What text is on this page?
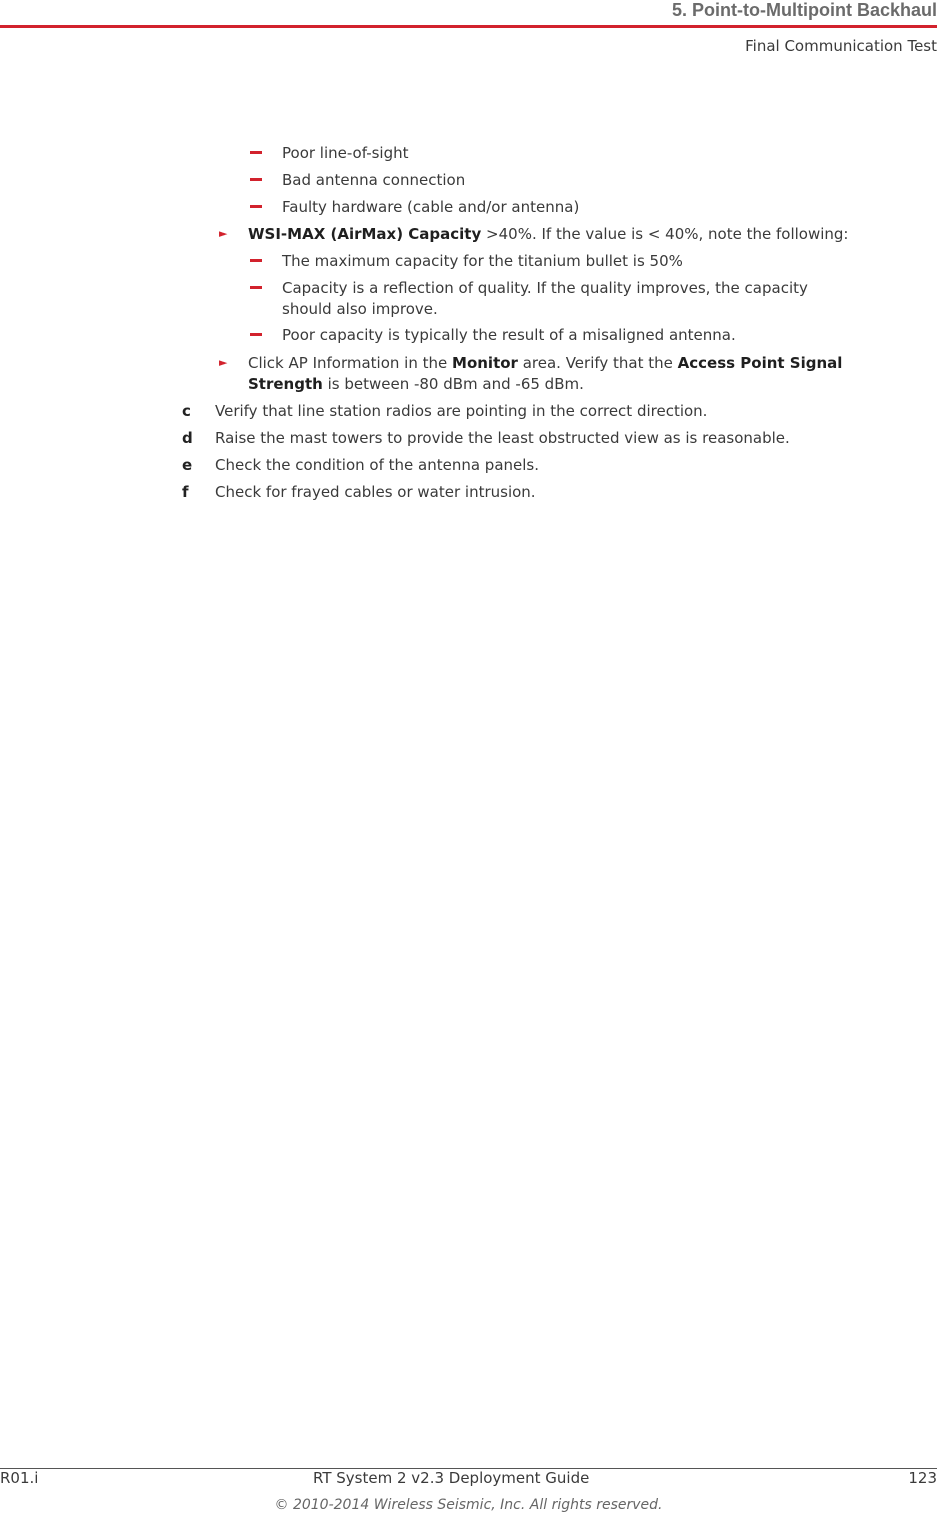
5. Point-to-Multipoint Backhaul
Final Communication Test
Poor line-of-sight
Bad antenna connection
Faulty hardware (cable and/or antenna)
► WSI-MAX (AirMax) Capacity >40%. If the value is < 40%, note the following:
The maximum capacity for the titanium bullet is 50%
Capacity is a reflection of quality. If the quality improves, the capacity
should also improve.
Poor capacity is typically the result of a misaligned antenna.
► Click AP Information in the Monitor area. Verify that the Access Point Signal
Strength is between -80 dBm and -65 dBm.
c Verify that line station radios are pointing in the correct direction.
d Raise the mast towers to provide the least obstructed view as is reasonable.
e Check the condition of the antenna panels.
f Check for frayed cables or water intrusion.
R01.i	RT System 2 v2.3 Deployment Guide	123
© 2010-2014 Wireless Seismic, Inc. All rights reserved.
